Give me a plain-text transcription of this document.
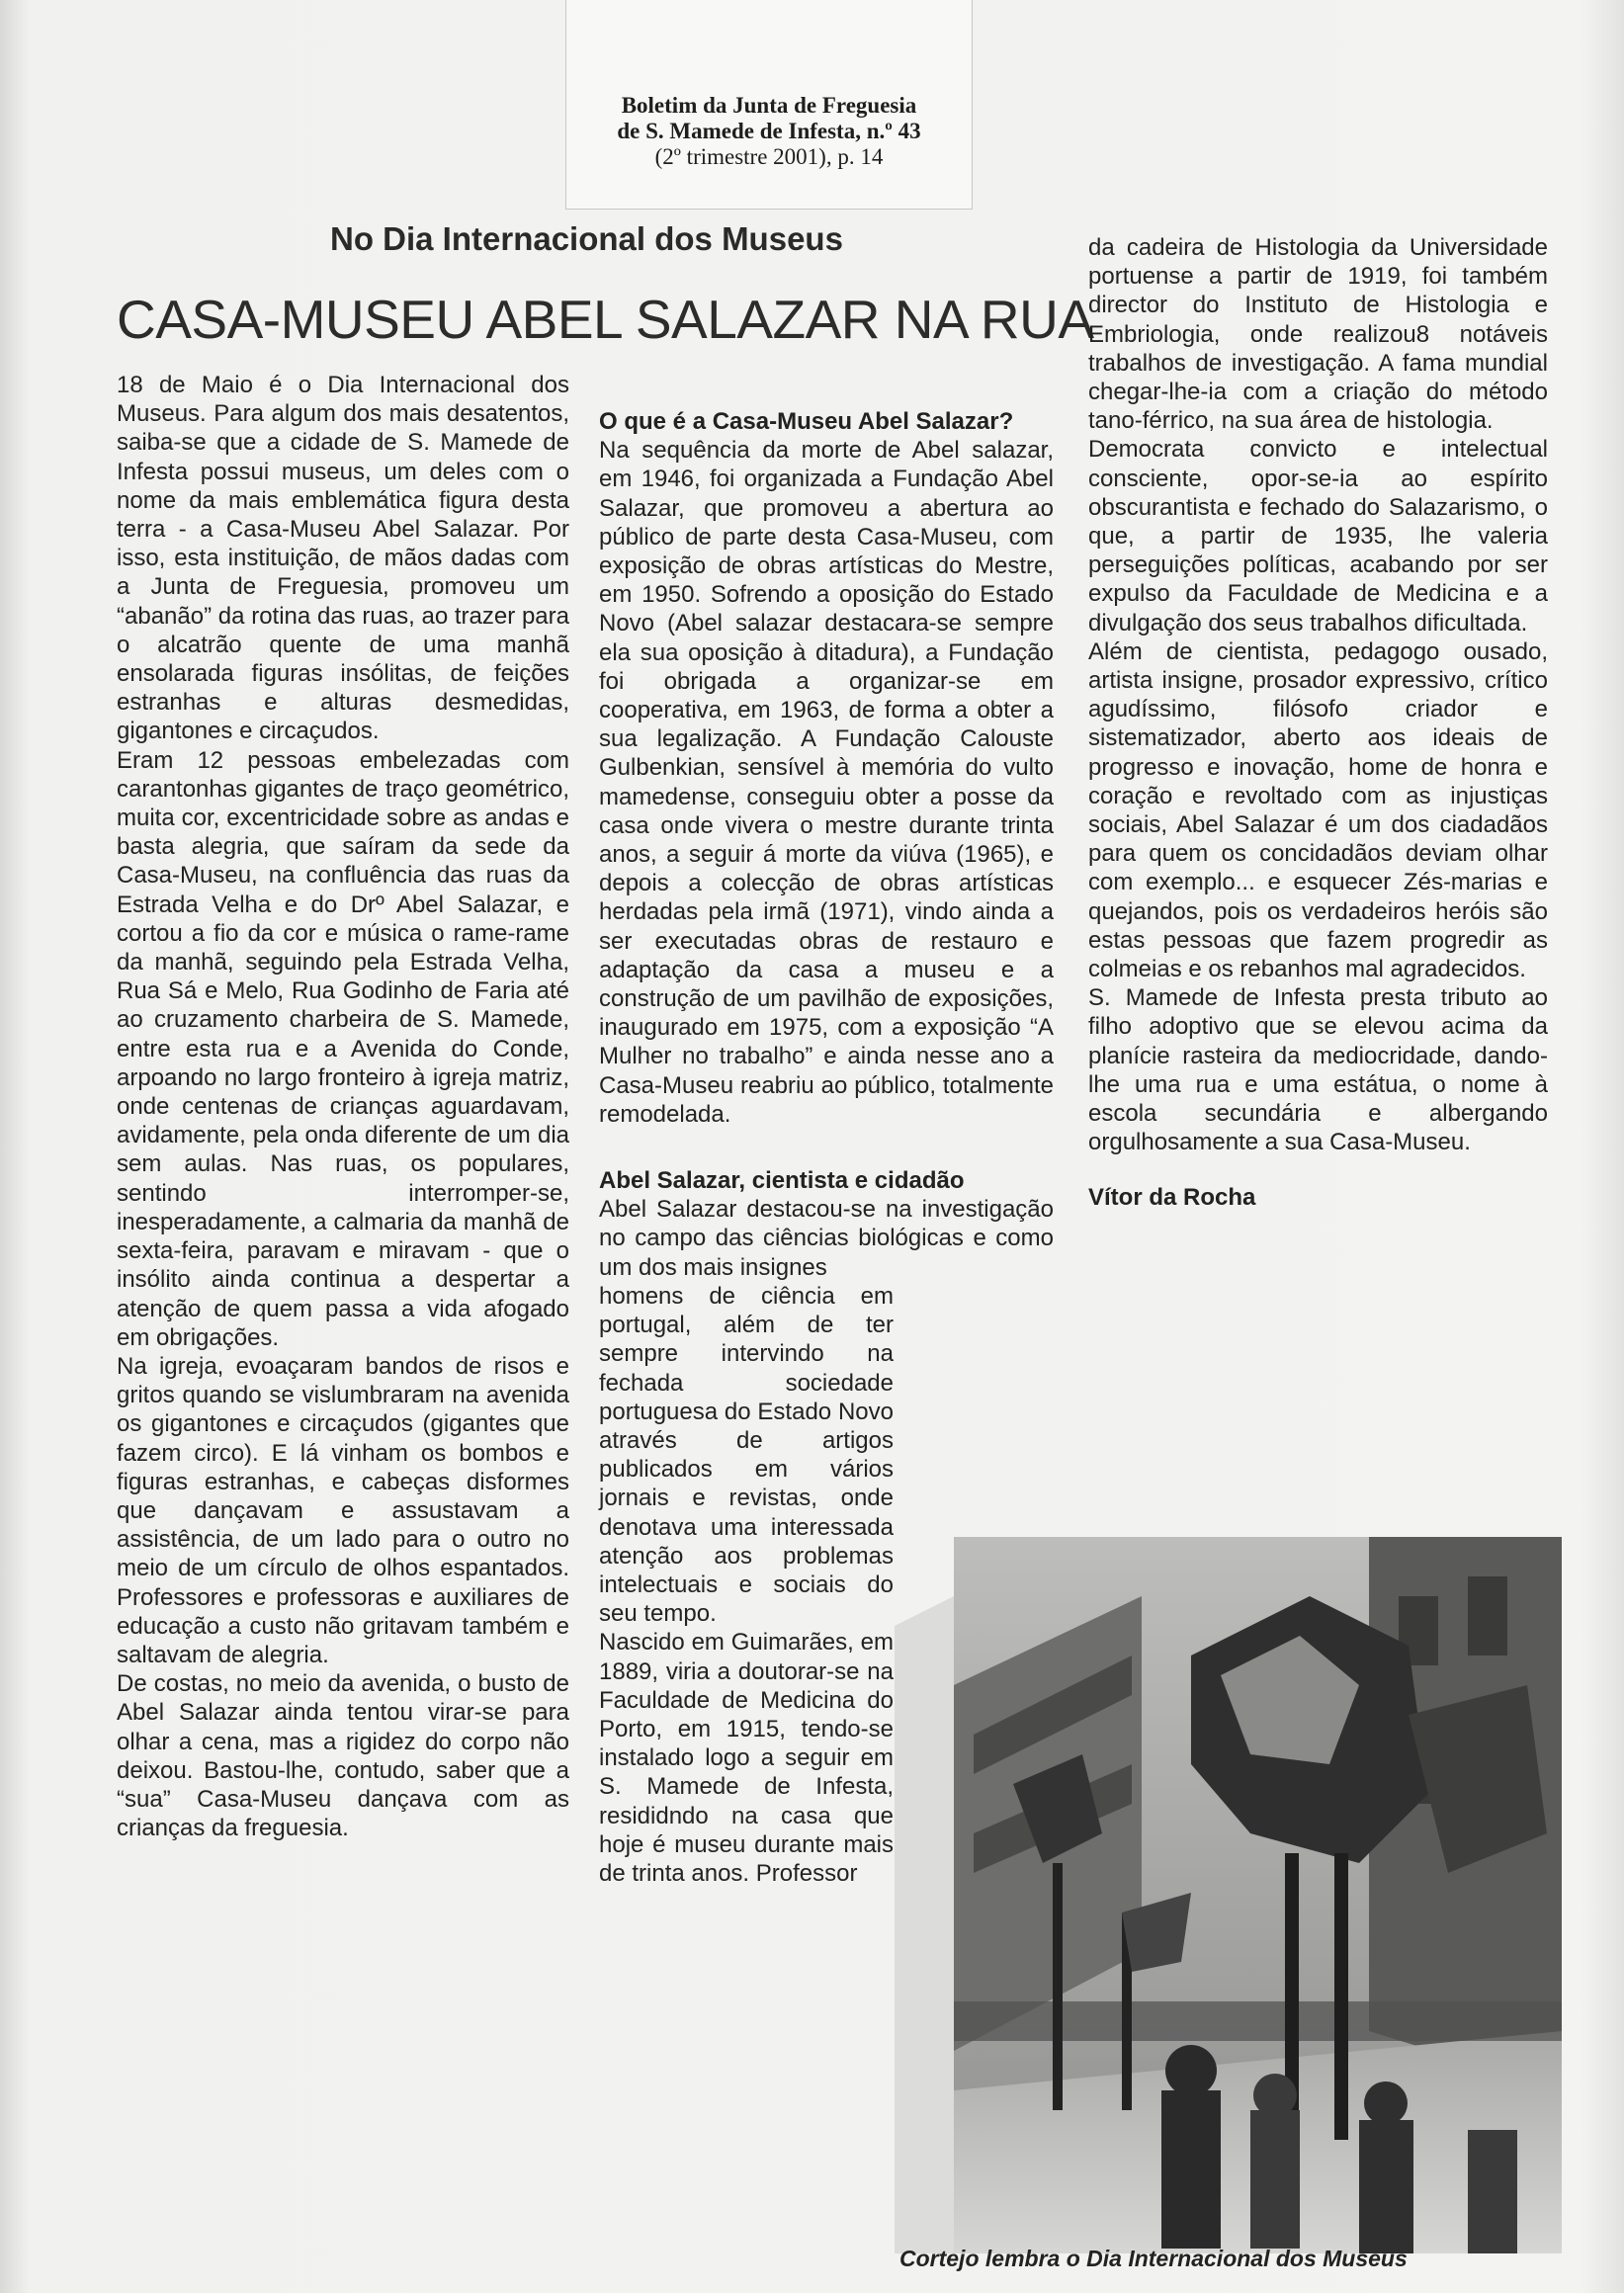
Boletim da Junta de Freguesia
de S. Mamede de Infesta, n.º 43
(2º trimestre 2001), p. 14
No Dia Internacional dos Museus
CASA-MUSEU ABEL SALAZAR NA RUA

18 de Maio é o Dia Internacional dos Museus. Para algum dos mais desatentos, saiba-se que a cidade de S. Mamede de Infesta possui museus, um deles com o nome da mais emblemática figura desta terra - a Casa-Museu Abel Salazar. Por isso, esta instituição, de mãos dadas com a Junta de Freguesia, promoveu um “abanão” da rotina das ruas, ao trazer para o alcatrão quente de uma manhã ensolarada figuras insólitas, de feições estranhas e alturas desmedidas, gigantones e circaçudos.

Eram 12 pessoas embelezadas com carantonhas gigantes de traço geométrico, muita cor, excentricidade sobre as andas e basta alegria, que saíram da sede da Casa-Museu, na confluência das ruas da Estrada Velha e do Drº Abel Salazar, e cortou a fio da cor e música o rame-rame da manhã, seguindo pela Estrada Velha, Rua Sá e Melo, Rua Godinho de Faria até ao cruzamento charbeira de S. Mamede, entre esta rua e a Avenida do Conde, arpoando no largo fronteiro à igreja matriz, onde centenas de crianças aguardavam, avidamente, pela onda diferente de um dia sem aulas. Nas ruas, os populares, sentindo interromper-se, inesperadamente, a calmaria da manhã de sexta-feira, paravam e miravam - que o insólito ainda continua a despertar a atenção de quem passa a vida afogado em obrigações.

Na igreja, evoaçaram bandos de risos e gritos quando se vislumbraram na avenida os gigantones e circaçudos (gigantes que fazem circo). E lá vinham os bombos e figuras estranhas, e cabeças disformes que dançavam e assustavam a assistência, de um lado para o outro no meio de um círculo de olhos espantados. Professores e professoras e auxiliares de educação a custo não gritavam também e saltavam de alegria.

De costas, no meio da avenida, o busto de Abel Salazar ainda tentou virar-se para olhar a cena, mas a rigidez do corpo não deixou. Bastou-lhe, contudo, saber que a “sua” Casa-Museu dançava com as crianças da freguesia.

O que é a Casa-Museu Abel Salazar?

Na sequência da morte de Abel salazar, em 1946, foi organizada a Fundação Abel Salazar, que promoveu a abertura ao público de parte desta Casa-Museu, com exposição de obras artísticas do Mestre, em 1950. Sofrendo a oposição do Estado Novo (Abel salazar destacara-se sempre ela sua oposição à ditadura), a Fundação foi obrigada a organizar-se em cooperativa, em 1963, de forma a obter a sua legalização. A Fundação Calouste Gulbenkian, sensível à memória do vulto mamedense, conseguiu obter a posse da casa onde vivera o mestre durante trinta anos, a seguir á morte da viúva (1965), e depois a colecção de obras artísticas herdadas pela irmã (1971), vindo ainda a ser executadas obras de restauro e adaptação da casa a museu e a construção de um pavilhão de exposições, inaugurado em 1975, com a exposição “A Mulher no trabalho” e ainda nesse ano a Casa-Museu reabriu ao público, totalmente remodelada.

Abel Salazar, cientista e cidadão

Abel Salazar destacou-se na investigação no campo das ciências biológicas e como um dos mais insignes

homens de ciência em portugal, além de ter sempre intervindo na fechada sociedade portuguesa do Estado Novo através de artigos publicados em vários jornais e revistas, onde denotava uma interessada atenção aos problemas intelectuais e sociais do seu tempo.

Nascido em Guimarães, em 1889, viria a doutorar-se na Faculdade de Medicina do Porto, em 1915, tendo-se instalado logo a seguir em S. Mamede de Infesta, resididndo na casa que hoje é museu durante mais de trinta anos. Professor

da cadeira de Histologia da Universidade portuense a partir de 1919, foi também director do Instituto de Histologia e Embriologia, onde realizou8 notáveis trabalhos de investigação. A fama mundial chegar-lhe-ia com a criação do método tano-férrico, na sua área de histologia.

Democrata convicto e intelectual consciente, opor-se-ia ao espírito obscurantista e fechado do Salazarismo, o que, a partir de 1935, lhe valeria perseguições políticas, acabando por ser expulso da Faculdade de Medicina e a divulgação dos seus trabalhos dificultada.

Além de cientista, pedagogo ousado, artista insigne, prosador expressivo, crítico agudíssimo, filósofo criador e sistematizador, aberto aos ideais de progresso e inovação, home de honra e coração e revoltado com as injustiças sociais, Abel Salazar é um dos ciadadãos para quem os concidadãos deviam olhar com exemplo... e esquecer Zés-marias e quejandos, pois os verdadeiros heróis são estas pessoas que fazem progredir as colmeias e os rebanhos mal agradecidos.

S. Mamede de Infesta presta tributo ao filho adoptivo que se elevou acima da planície rasteira da mediocridade, dando-lhe uma rua e uma estátua, o nome à escola secundária e albergando orgulhosamente a sua Casa-Museu.

Vítor da Rocha

Cortejo lembra o Dia Internacional dos Museus
